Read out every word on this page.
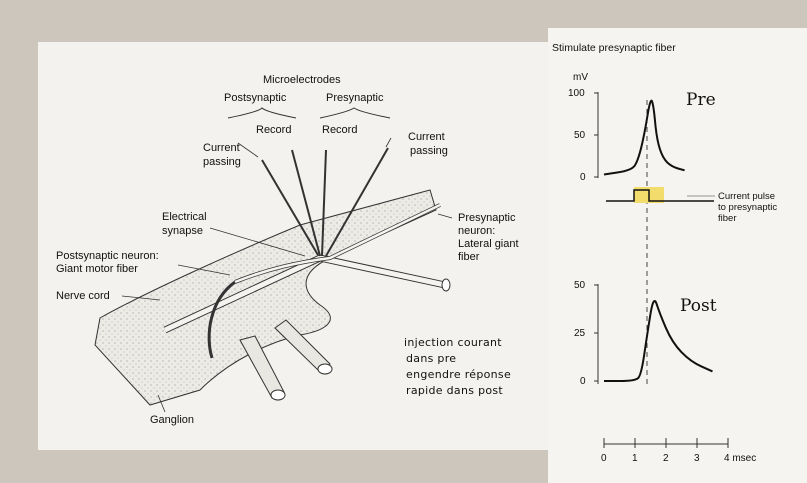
Microelectrodes
Postsynaptic	Presynaptic
Record	Record
Current
passing
Current
passing
Electrical
synapse
Postsynaptic neuron:
Giant motor fiber
Nerve cord
Ganglion
Presynaptic
neuron:
Lateral giant
fiber
injection courant
dans pre
engendre réponse
rapide dans post
Stimulate presynaptic fiber
mV
100
50
0
50
25
0
Current pulse
to presynaptic
fiber
0	1	2	3 4 msec
Pre
Post
